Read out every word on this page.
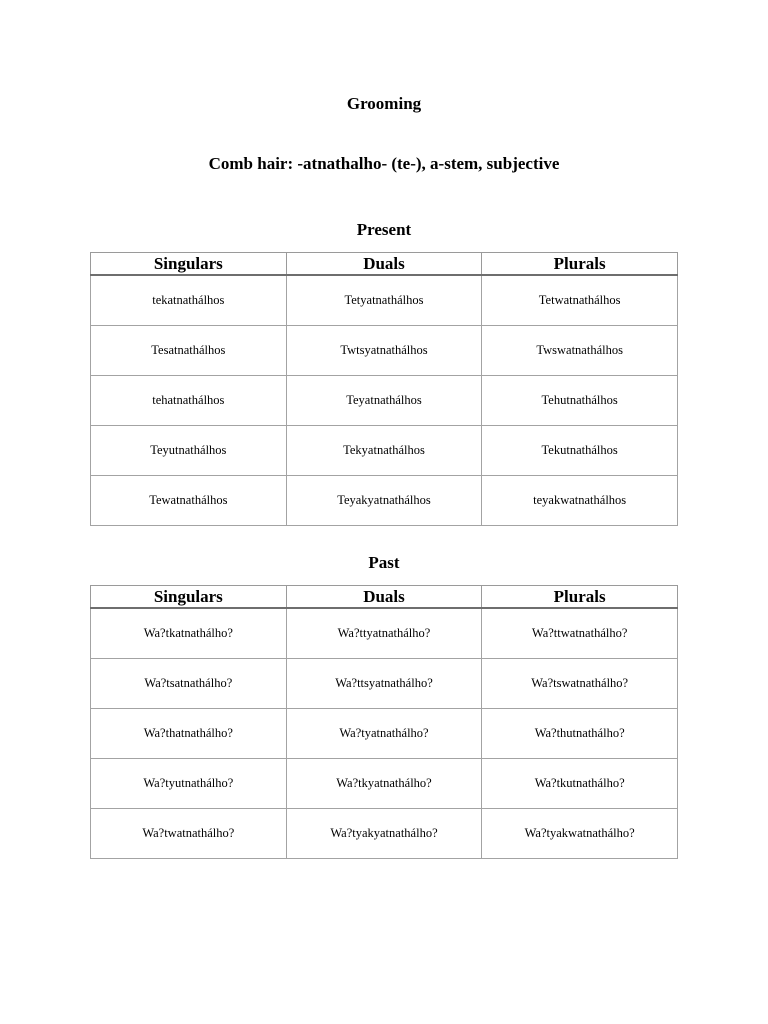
Grooming
Comb hair: -atnathalho- (te-), a-stem, subjective
Present
Singulars	Duals	Plurals
tekatnathálhos	Tetyatnathálhos	Tetwatnathálhos
Tesatnathálhos	Twtsyatnathálhos	Twswatnathálhos
tehatnathálhos	Teyatnathálhos	Tehutnathálhos
Teyutnathálhos	Tekyatnathálhos	Tekutnathálhos
Tewatnathálhos	Teyakyatnathálhos	teyakwatnathálhos
Past
Singulars	Duals	Plurals
Wa?tkatnathálho?	Wa?ttyatnathálho?	Wa?ttwatnathálho?
Wa?tsatnathálho?	Wa?ttsyatnathálho?	Wa?tswatnathálho?
Wa?thatnathálho?	Wa?tyatnathálho?	Wa?thutnathálho?
Wa?tyutnathálho?	Wa?tkyatnathálho?	Wa?tkutnathálho?
Wa?twatnathálho?	Wa?tyakyatnathálho?	Wa?tyakwatnathálho?
